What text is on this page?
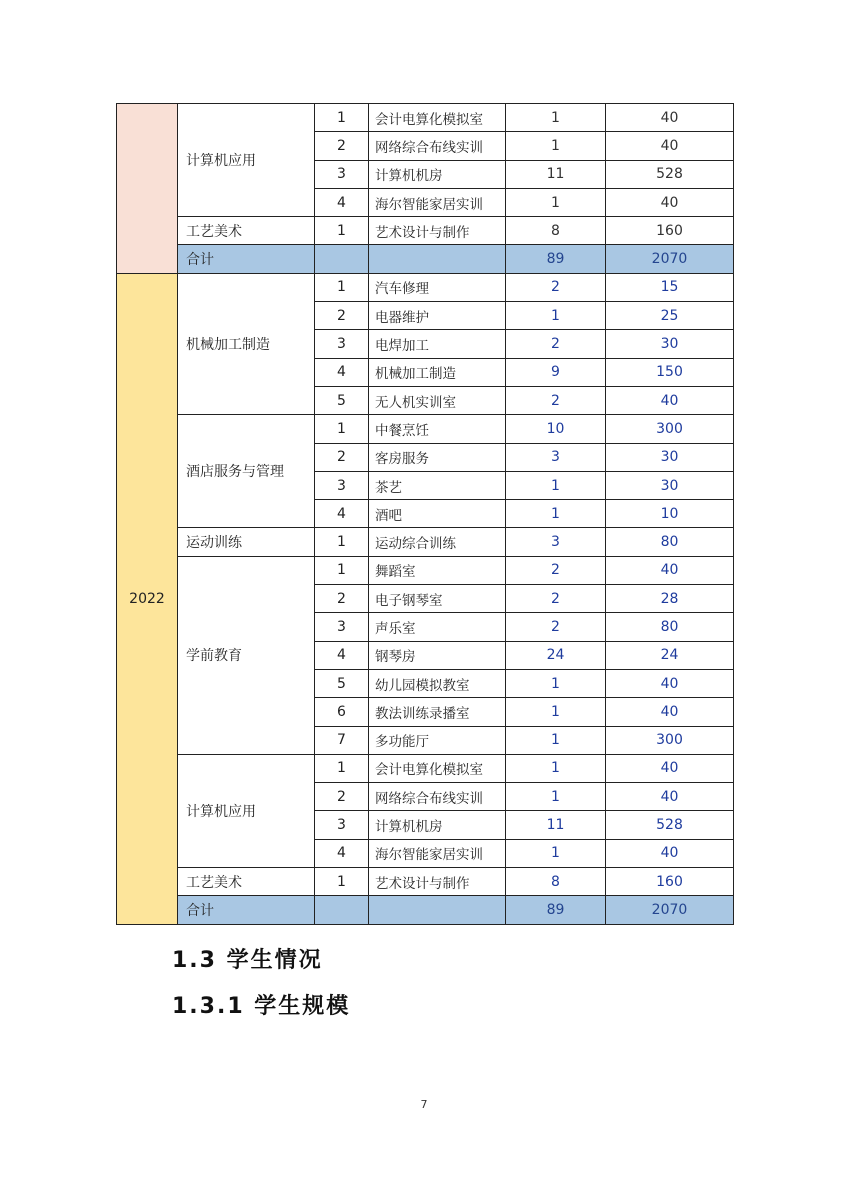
	计算机应用	1	会计电算化模拟室	1	40
		2	网络综合布线实训	1	40
		3	计算机机房	11	528
		4	海尔智能家居实训	1	40
	工艺美术	1	艺术设计与制作	8	160
	合计			89	2070
2022	机械加工制造	1	汽车修理	2	15
		2	电器维护	1	25
		3	电焊加工	2	30
		4	机械加工制造	9	150
		5	无人机实训室	2	40
	酒店服务与管理	1	中餐烹饪	10	300
		2	客房服务	3	30
		3	茶艺	1	30
		4	酒吧	1	10
	运动训练	1	运动综合训练	3	80
	学前教育	1	舞蹈室	2	40
		2	电子钢琴室	2	28
		3	声乐室	2	80
		4	钢琴房	24	24
		5	幼儿园模拟教室	1	40
		6	教法训练录播室	1	40
		7	多功能厅	1	300
	计算机应用	1	会计电算化模拟室	1	40
		2	网络综合布线实训	1	40
		3	计算机机房	11	528
		4	海尔智能家居实训	1	40
	工艺美术	1	艺术设计与制作	8	160
	合计			89	2070
1.3 学生情况
1.3.1 学生规模
7
